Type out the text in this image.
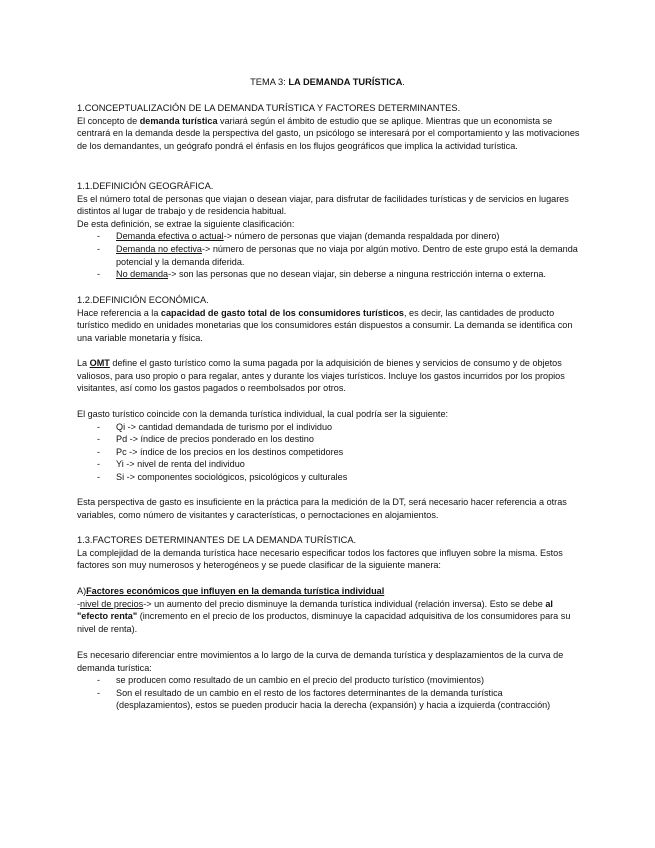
TEMA 3: LA DEMANDA TURÍSTICA.

1.CONCEPTUALIZACIÓN DE LA DEMANDA TURÍSTICA Y FACTORES DETERMINANTES.

El concepto de demanda turística variará según el ámbito de estudio que se aplique. Mientras que un economista se centrará en la demanda desde la perspectiva del gasto, un psicólogo se interesará por el comportamiento y las motivaciones de los demandantes, un geógrafo pondrá el énfasis en los flujos geográficos que implica la actividad turística.

1.1.DEFINICIÓN GEOGRÁFICA.

Es el número total de personas que viajan o desean viajar, para disfrutar de facilidades turísticas y de servicios en lugares distintos al lugar de trabajo y de residencia habitual.

De esta definición, se extrae la siguiente clasificación:

- Demanda efectiva o actual-> número de personas que viajan (demanda respaldada por dinero)
- Demanda no efectiva-> número de personas que no viaja por algún motivo. Dentro de este grupo está la demanda potencial y la demanda diferida.
- No demanda-> son las personas que no desean viajar, sin deberse a ninguna restricción interna o externa.

1.2.DEFINICIÓN ECONÓMICA.

Hace referencia a la capacidad de gasto total de los consumidores turísticos, es decir, las cantidades de producto turístico medido en unidades monetarias que los consumidores están dispuestos a consumir. La demanda se identifica con una variable monetaria y física.

La OMT define el gasto turístico como la suma pagada por la adquisición de bienes y servicios de consumo y de objetos valiosos, para uso propio o para regalar, antes y durante los viajes turísticos. Incluye los gastos incurridos por los propios visitantes, así como los gastos pagados o reembolsados por otros.

El gasto turístico coincide con la demanda turística individual, la cual podría ser la siguiente:

- Qi -> cantidad demandada de turismo por el individuo
- Pd -> índice de precios ponderado en los destino
- Pc -> índice de los precios en los destinos competidores
- Yi -> nivel de renta del individuo
- Si -> componentes sociológicos, psicológicos y culturales

Esta perspectiva de gasto es insuficiente en la práctica para la medición de la DT, será necesario hacer referencia a otras variables, como número de visitantes y características, o pernoctaciones en alojamientos.

1.3.FACTORES DETERMINANTES DE LA DEMANDA TURÍSTICA.

La complejidad de la demanda turística hace necesario especificar todos los factores que influyen sobre la misma. Estos factores son muy numerosos y heterogéneos y se puede clasificar de la siguiente manera:

A)Factores económicos que influyen en la demanda turística individual

-nivel de precios-> un aumento del precio disminuye la demanda turística individual (relación inversa). Esto se debe al "efecto renta" (incremento en el precio de los productos, disminuye la capacidad adquisitiva de los consumidores para su nivel de renta).

Es necesario diferenciar entre movimientos a lo largo de la curva de demanda turística y desplazamientos de la curva de demanda turística:

- se producen como resultado de un cambio en el precio del producto turístico (movimientos)
- Son el resultado de un cambio en el resto de los factores determinantes de la demanda turística (desplazamientos), estos se pueden producir hacia la derecha (expansión) y hacia a izquierda (contracción)
